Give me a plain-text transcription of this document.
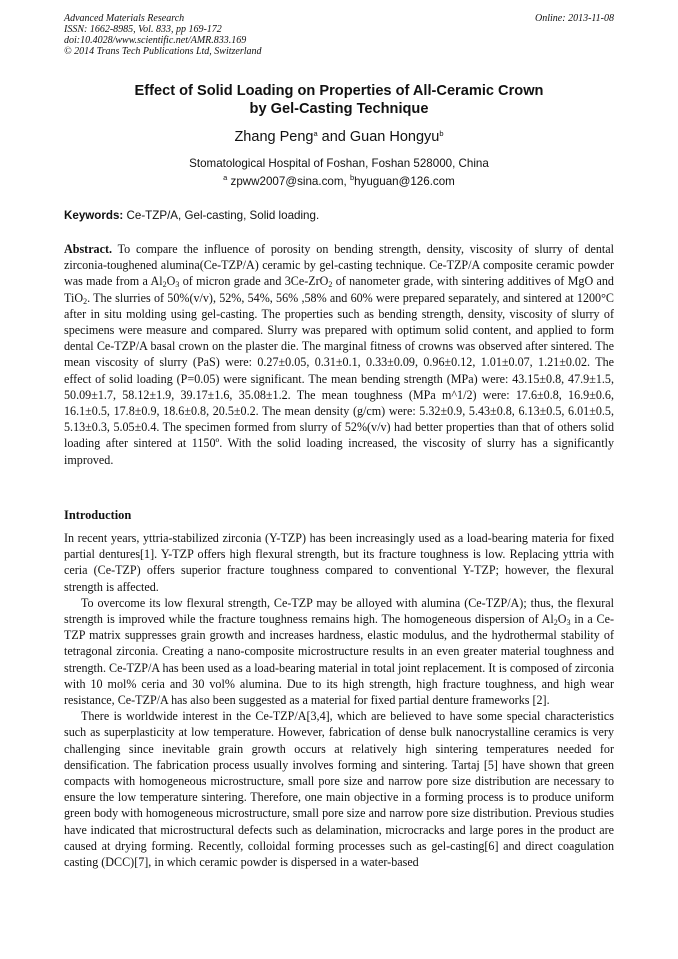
Advanced Materials Research
ISSN: 1662-8985, Vol. 833, pp 169-172
doi:10.4028/www.scientific.net/AMR.833.169
© 2014 Trans Tech Publications Ltd, Switzerland
Online: 2013-11-08
Effect of Solid Loading on Properties of All-Ceramic Crown
by Gel-Casting Technique
Zhang Peng$^a$ and Guan Hongyu$^b$
Stomatological Hospital of Foshan, Foshan 528000, China
$^a$ zpww2007@sina.com, $^b$hyuguan@126.com
Keywords: Ce-TZP/A, Gel-casting, Solid loading.
Abstract. To compare the influence of porosity on bending strength, density, viscosity of slurry of dental zirconia-toughened alumina(Ce-TZP/A) ceramic by gel-casting technique. Ce-TZP/A composite ceramic powder was made from a $Al_2O_3$ of micron grade and 3Ce-ZrO$_2$ of nanometer grade, with sintering additives of MgO and TiO$_2$. The slurries of 50%(v/v), 52%, 54%, 56% ,58% and 60% were prepared separately, and sintered at 1200°C after in situ molding using gel-casting. The properties such as bending strength, density, viscosity of slurry of specimens were measure and compared. Slurry was prepared with optimum solid content, and applied to form dental Ce-TZP/A basal crown on the plaster die. The marginal fitness of crowns was observed after sintered. The mean viscosity of slurry (PaS) were: 0.27±0.05, 0.31±0.1, 0.33±0.09, 0.96±0.12, 1.01±0.07, 1.21±0.02. The effect of solid loading (P=0.05) were significant. The mean bending strength (MPa) were: 43.15±0.8, 47.9±1.5, 50.09±1.7, 58.12±1.9, 39.17±1.6, 35.08±1.2. The mean toughness (MPa m^1/2) were: 17.6±0.8, 16.9±0.6, 16.1±0.5, 17.8±0.9, 18.6±0.8, 20.5±0.2. The mean density (g/cm) were: 5.32±0.9, 5.43±0.8, 6.13±0.5, 6.01±0.5, 5.13±0.3, 5.05±0.4. The specimen formed from slurry of 52%(v/v) had better properties than that of others solid loading after sintered at 1150º. With the solid loading increased, the viscosity of slurry has a significantly improved.
Introduction

In recent years, yttria-stabilized zirconia (Y-TZP) has been increasingly used as a load-bearing materia for fixed partial dentures[1]. Y-TZP offers high flexural strength, but its fracture toughness is low. Replacing yttria with ceria (Ce-TZP) offers superior fracture toughness compared to conventional Y-TZP; however, the flexural strength is affected.

To overcome its low flexural strength, Ce-TZP may be alloyed with alumina (Ce-TZP/A); thus, the flexural strength is improved while the fracture toughness remains high. The homogeneous dispersion of $Al_2O_3$ in a Ce-TZP matrix suppresses grain growth and increases hardness, elastic modulus, and the hydrothermal stability of tetragonal zirconia. Creating a nano-composite microstructure results in an even greater material toughness and strength. Ce-TZP/A has been used as a load-bearing material in total joint replacement. It is composed of zirconia with 10 mol% ceria and 30 vol% alumina. Due to its high strength, high fracture toughness, and high wear resistance, Ce-TZP/A has also been suggested as a material for fixed partial denture frameworks [2].

There is worldwide interest in the Ce-TZP/A[3,4], which are believed to have some special characteristics such as superplasticity at low temperature. However, fabrication of dense bulk nanocrystalline ceramics is very challenging since inevitable grain growth occurs at relatively high sintering temperatures needed for densification. The fabrication process usually involves forming and sintering. Tartaj [5] have shown that green compacts with homogeneous microstructure, small pore size and narrow pore size distribution are necessary to ensure the low temperature sintering. Therefore, one main objective in a forming process is to produce uniform green body with homogeneous microstructure, small pore size and narrow pore size distribution. Previous studies have indicated that microstructural defects such as delamination, microcracks and large pores in the product are caused at drying forming. Recently, colloidal forming processes such as gel-casting[6] and direct coagulation casting (DCC)[7], in which ceramic powder is dispersed in a water-based
